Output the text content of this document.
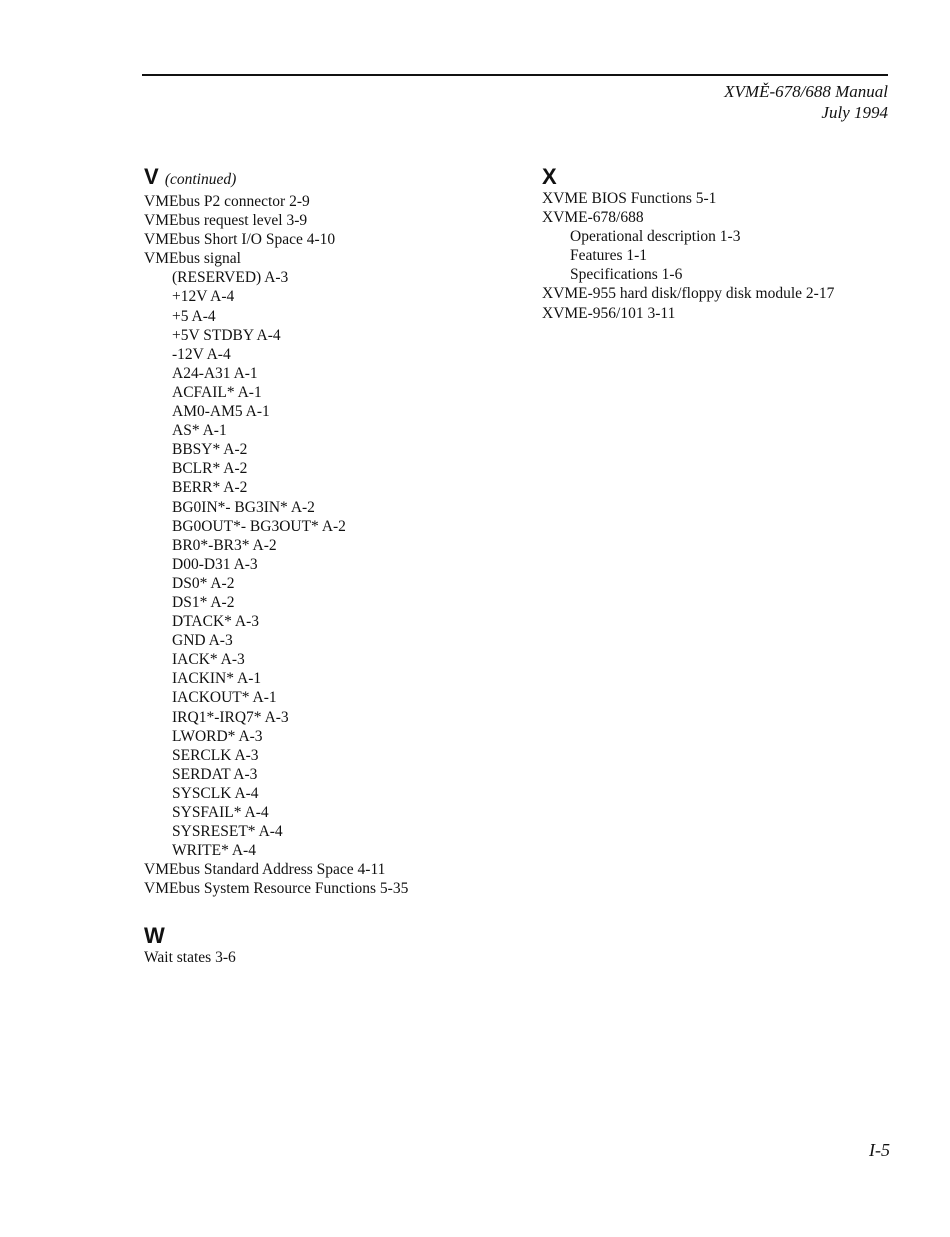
XVMĚ-678/688 Manual
July 1994
V (continued)
VMEbus P2 connector 2-9
VMEbus request level 3-9
VMEbus Short I/O Space 4-10
VMEbus signal
(RESERVED) A-3
+12V A-4
+5 A-4
+5V STDBY A-4
-12V A-4
A24-A31 A-1
ACFAIL* A-1
AM0-AM5 A-1
AS* A-1
BBSY* A-2
BCLR* A-2
BERR* A-2
BG0IN*- BG3IN* A-2
BG0OUT*- BG3OUT* A-2
BR0*-BR3* A-2
D00-D31 A-3
DS0* A-2
DS1* A-2
DTACK* A-3
GND A-3
IACK* A-3
IACKIN* A-1
IACKOUT* A-1
IRQ1*-IRQ7* A-3
LWORD* A-3
SERCLK A-3
SERDAT A-3
SYSCLK A-4
SYSFAIL* A-4
SYSRESET* A-4
WRITE* A-4
VMEbus Standard Address Space 4-11
VMEbus System Resource Functions 5-35
W
Wait states 3-6
X
XVME BIOS Functions 5-1
XVME-678/688
Operational description 1-3
Features 1-1
Specifications 1-6
XVME-955 hard disk/floppy disk module 2-17
XVME-956/101 3-11
I-5
